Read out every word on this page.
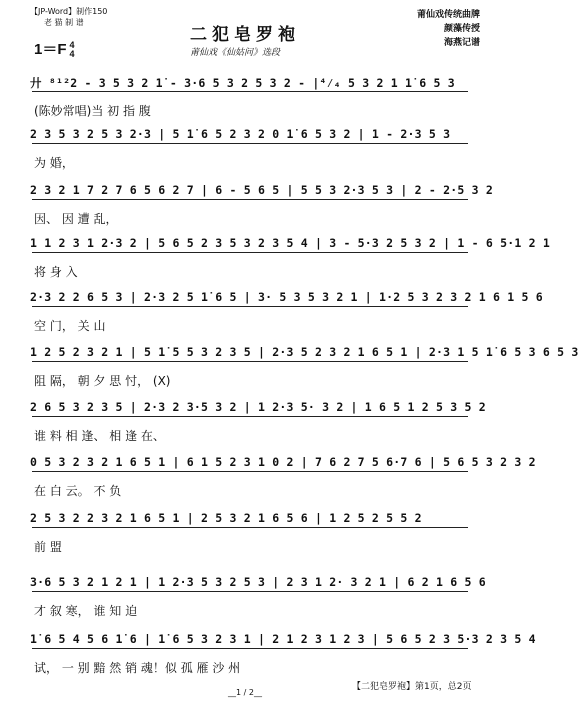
【JP-Word】制作150
老 猫 制 谱
二犯皂罗袍
莆仙戏《仙姑问》选段
莆仙戏传统曲牌
颜藻传授
海燕记谱
1＝F 4
4
廾 ⁸¹²2 - 3 5 3 2 1̇ - 3·6 5 3 2 5 3 2 - |⁴⁄₄ 5 3 2 1 1̇ 6 5 3
(陈妙常唱)当 初 指 腹
2 3 5 3 2 5 3 2·3 | 5 1̇ 6 5 2 3 2 0 1̇ 6 5 3 2 | 1 - 2·3 5 3
为 婚，
2 3 2 1 7 2 7 6 5 6 2 7 | 6 - 5 6 5 | 5 5 3 2·3 5 3 | 2 - 2·5 3 2
因、 因 遭 乱，
1 1 2 3 1 2·3 2 | 5 6 5 2 3 5 3 2 3 5 4 | 3 - 5·3 2 5 3 2 | 1 - 6 5·1 2 1
将 身 入
2·3 2 2 6 5 3 | 2·3 2 5 1̇ 6 5 | 3· 5 3 5 3 2 1 | 1·2 5 3 2 3 2 1 6 1 5 6
空 门， 关 山
1 2 5 2 3 2 1 | 5 1̇ 5 5 3 2 3 5 | 2·3 5 2 3 2 1 6 5 1 | 2·3 1 5 1̇ 6 5 3 6 5 3
阻 隔， 朝 夕 思 忖， (X)
2 6 5 3 2 3 5 | 2·3 2 3·5 3 2 | 1 2·3 5· 3 2 | 1 6 5 1 2 5 3 5 2
谁 料 相 逢、 相 逢 在、
0 5 3 2 3 2 1 6 5 1 | 6 1 5 2 3 1 0 2 | 7 6 2 7 5 6·7 6 | 5 6 5 3 2 3 2
在 白 云。 不 负
2 5 3 2 2 3 2 1 6 5 1 | 2 5 3 2 1 6 5 6 | 1 2 5 2 5 5 2
前 盟
3·6 5 3 2 1 2 1 | 1 2·3 5 3 2 5 3 | 2 3 1 2· 3 2 1 | 6 2 1 6 5 6
才 叙 寒， 谁 知 迫
1̇ 6 5 4 5 6 1̇ 6 | 1̇ 6 5 3 2 3 1 | 2 1 2 3 1 2 3 | 5 6 5 2 3 5·3 2 3 5 4
试， 一 别 黯 然 销 魂！似 孤 雁 沙 州
__1 / 2__
【二犯皂罗袍】第1页，总2页
